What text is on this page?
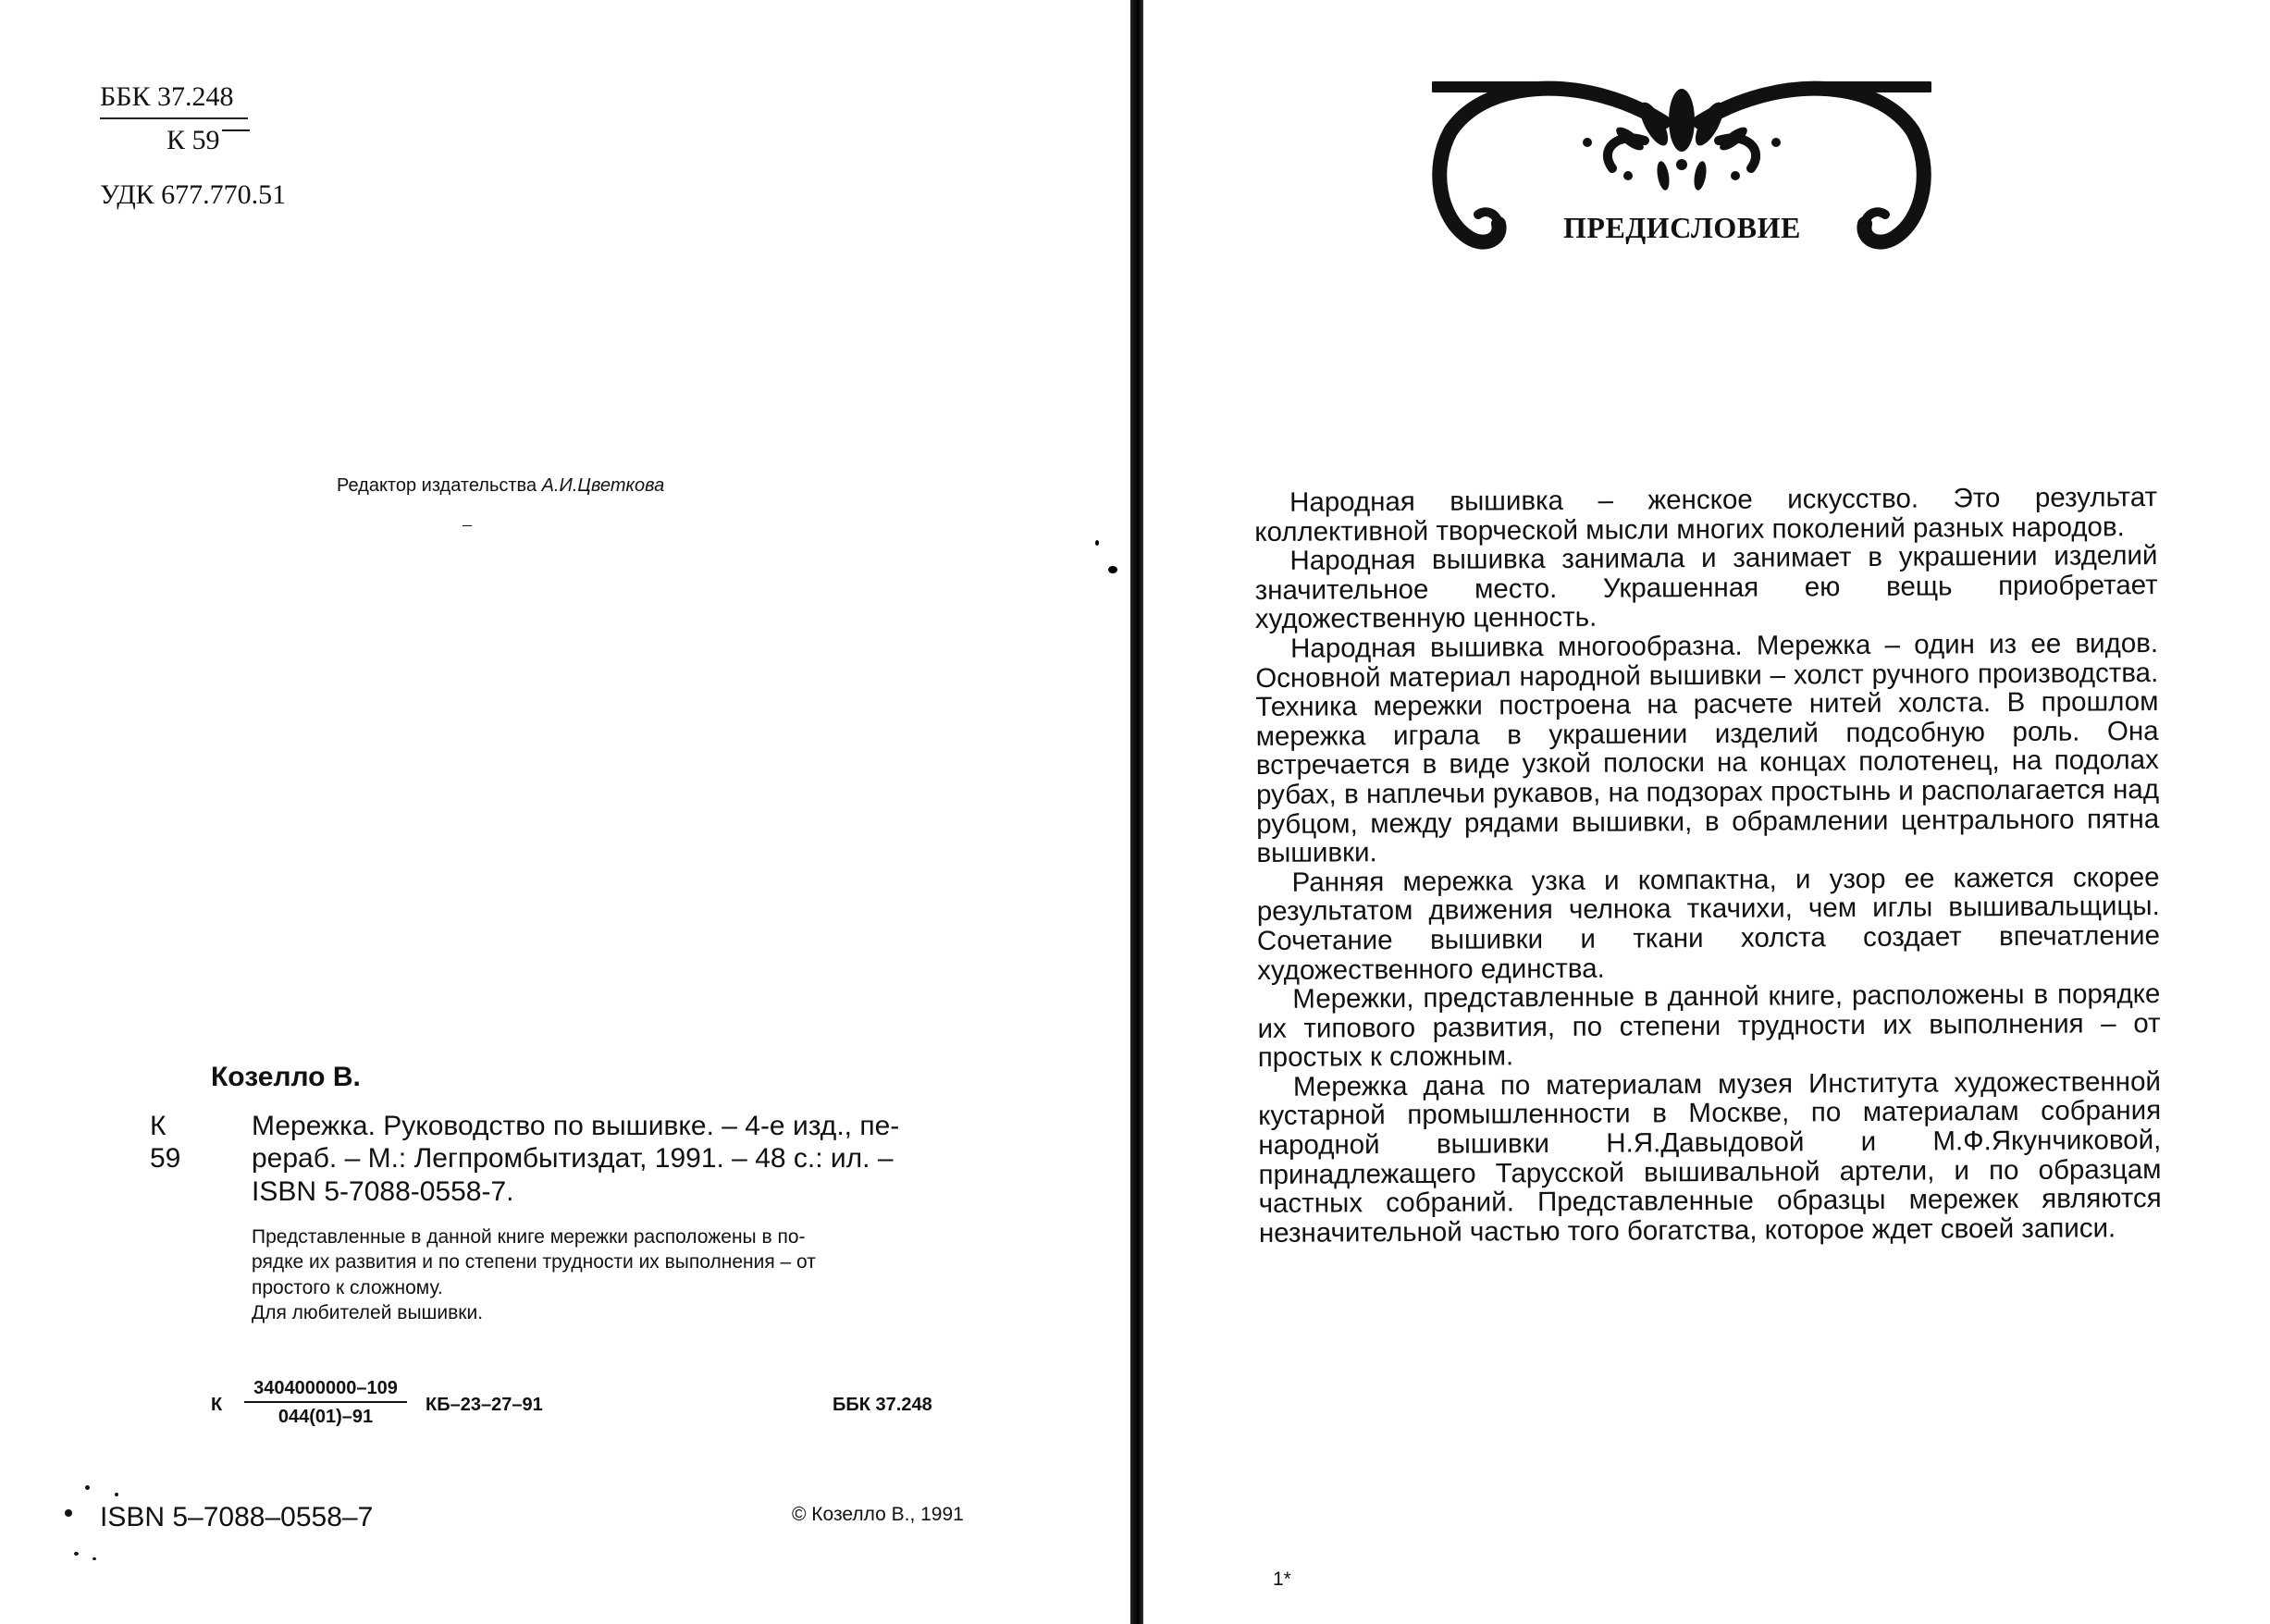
ББК 37.248
К 59
УДК 677.770.51
Редактор издательства А.И.Цветкова
–
Козелло В.
К 59
Мережка. Руководство по вышивке. – 4-е изд., пе-
рераб. – М.: Легпромбытиздат, 1991. – 48 с.: ил. –
ISBN 5-7088-0558-7.
Представленные в данной книге мережки расположены в по-
рядке их развития и по степени трудности их выполнения – от
простого к сложному.
Для любителей вышивки.
К $\frac{3404000000-109}{044(01)-91} КБ-23-27-91$	ББК 37.248
ISBN 5–7088–0558–7	© Козелло В., 1991
ПРЕДИСЛОВИЕ

Народная вышивка – женское искусство. Это результат коллективной творческой мысли многих поколений разных народов.

Народная вышивка занимала и занимает в украшении изделий значительное место. Украшенная ею вещь приобретает художественную ценность.

Народная вышивка многообразна. Мережка – один из ее видов. Основной материал народной вышивки – холст ручного производства. Техника мережки построена на расчете нитей холста. В прошлом мережка играла в украшении изделий подсобную роль. Она встречается в виде узкой полоски на концах полотенец, на подолах рубах, в наплечьи рукавов, на подзорах простынь и располагается над рубцом, между рядами вышивки, в обрамлении центрального пятна вышивки.

Ранняя мережка узка и компактна, и узор ее кажется скорее результатом движения челнока ткачихи, чем иглы вышивальщицы. Сочетание вышивки и ткани холста создает впечатление художественного единства.

Мережки, представленные в данной книге, расположены в порядке их типового развития, по степени трудности их выполнения – от простых к сложным.

Мережка дана по материалам музея Института художественной кустарной промышленности в Москве, по материалам собрания народной вышивки Н.Я.Давыдовой и М.Ф.Якунчиковой, принадлежащего Тарусской вышивальной артели, и по образцам частных собраний. Представленные образцы мережек являются незначительной частью того богатства, которое ждет своей записи.

1*
